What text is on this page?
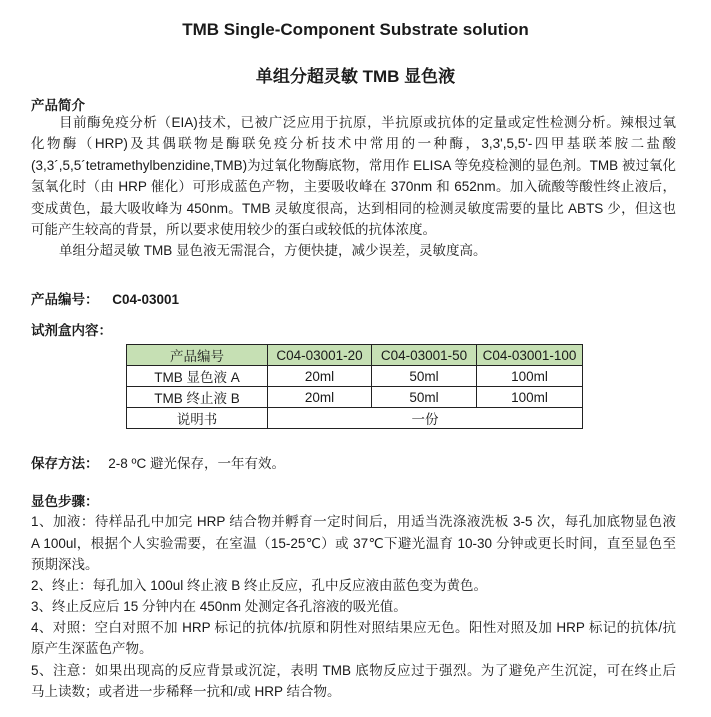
TMB Single-Component Substrate solution
单组分超灵敏 TMB 显色液
产品简介
目前酶免疫分析（EIA)技术，已被广泛应用于抗原，半抗原或抗体的定量或定性检测分析。辣根过氧
化物酶（HRP)及其偶联物是酶联免疫分析技术中常用的一种酶，3,3',5,5'-四甲基联苯胺二盐酸
(3,3´,5,5´tetramethylbenzidine,TMB)为过氧化物酶底物，常用作 ELISA 等免疫检测的显色剂。TMB 被过氧化
氢氧化时（由 HRP 催化）可形成蓝色产物，主要吸收峰在 370nm 和 652nm。加入硫酸等酸性终止液后，
变成黄色，最大吸收峰为 450nm。TMB 灵敏度很高，达到相同的检测灵敏度需要的量比 ABTS 少，但这也
可能产生较高的背景，所以要求使用较少的蛋白或较低的抗体浓度。
单组分超灵敏 TMB 显色液无需混合，方便快捷，减少误差，灵敏度高。
产品编号： C04-03001
试剂盒内容：
产品编号	C04-03001-20	C04-03001-50	C04-03001-100
TMB 显色液 A	20ml	50ml	100ml
TMB 终止液 B	20ml	50ml	100ml
说明书	一份		
保存方法： 2-8 ºC 避光保存，一年有效。
显色步骤：
1、加液：待样品孔中加完 HRP 结合物并孵育一定时间后，用适当洗涤液洗板 3-5 次，每孔加底物显色液
A 100ul，根据个人实验需要，在室温（15-25℃）或 37℃下避光温育 10-30 分钟或更长时间，直至显色至
预期深浅。
2、终止：每孔加入 100ul 终止液 B 终止反应，孔中反应液由蓝色变为黄色。
3、终止反应后 15 分钟内在 450nm 处测定各孔溶液的吸光值。
4、对照：空白对照不加 HRP 标记的抗体/抗原和阴性对照结果应无色。阳性对照及加 HRP 标记的抗体/抗
原产生深蓝色产物。
5、注意：如果出现高的反应背景或沉淀，表明 TMB 底物反应过于强烈。为了避免产生沉淀，可在终止后
马上读数；或者进一步稀释一抗和/或 HRP 结合物。
